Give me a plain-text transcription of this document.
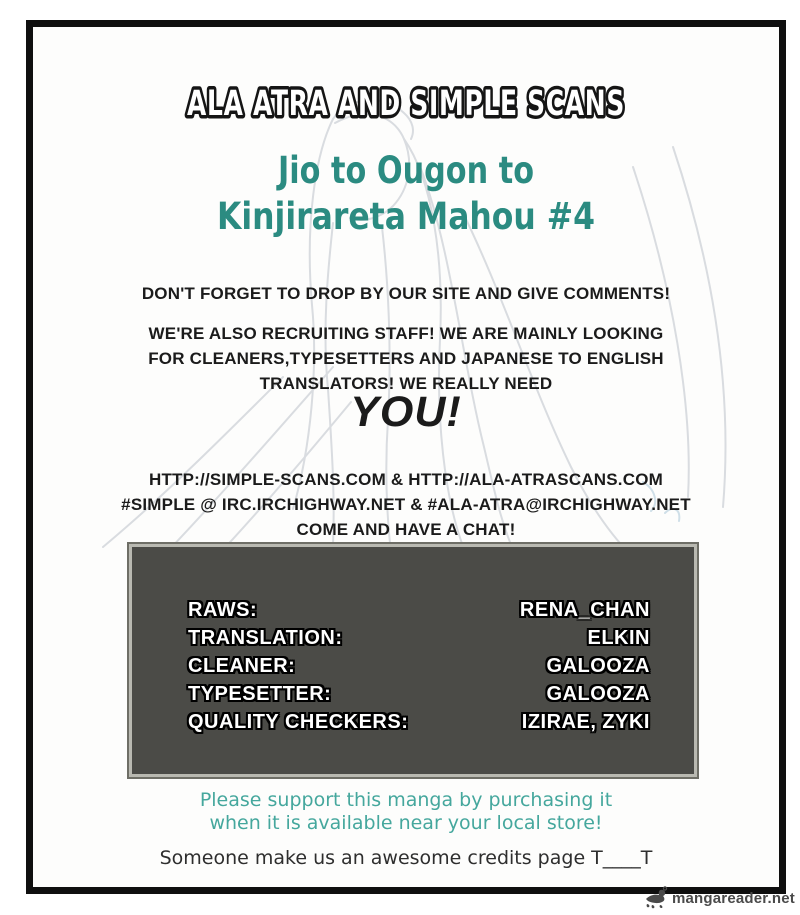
ALA ATRA AND SIMPLE SCANS
Jio to Ougon to
Kinjirareta Mahou #4
DON'T FORGET TO DROP BY OUR SITE AND GIVE COMMENTS!
WE'RE ALSO RECRUITING STAFF! WE ARE MAINLY LOOKING
FOR CLEANERS,TYPESETTERS AND JAPANESE TO ENGLISH
TRANSLATORS! WE REALLY NEED
YOU!
HTTP://SIMPLE-SCANS.COM & HTTP://ALA-ATRASCANS.COM
#SIMPLE @ IRC.IRCHIGHWAY.NET & #ALA-ATRA@IRCHIGHWAY.NET
COME AND HAVE A CHAT!
RAWS:	RENA_CHAN
TRANSLATION:	ELKIN
CLEANER:	GALOOZA
TYPESETTER:	GALOOZA
QUALITY CHECKERS:	IZIRAE, ZYKI
Please support this manga by purchasing it
when it is available near your local store!
Someone make us an awesome credits page T____T
mangareader.net
